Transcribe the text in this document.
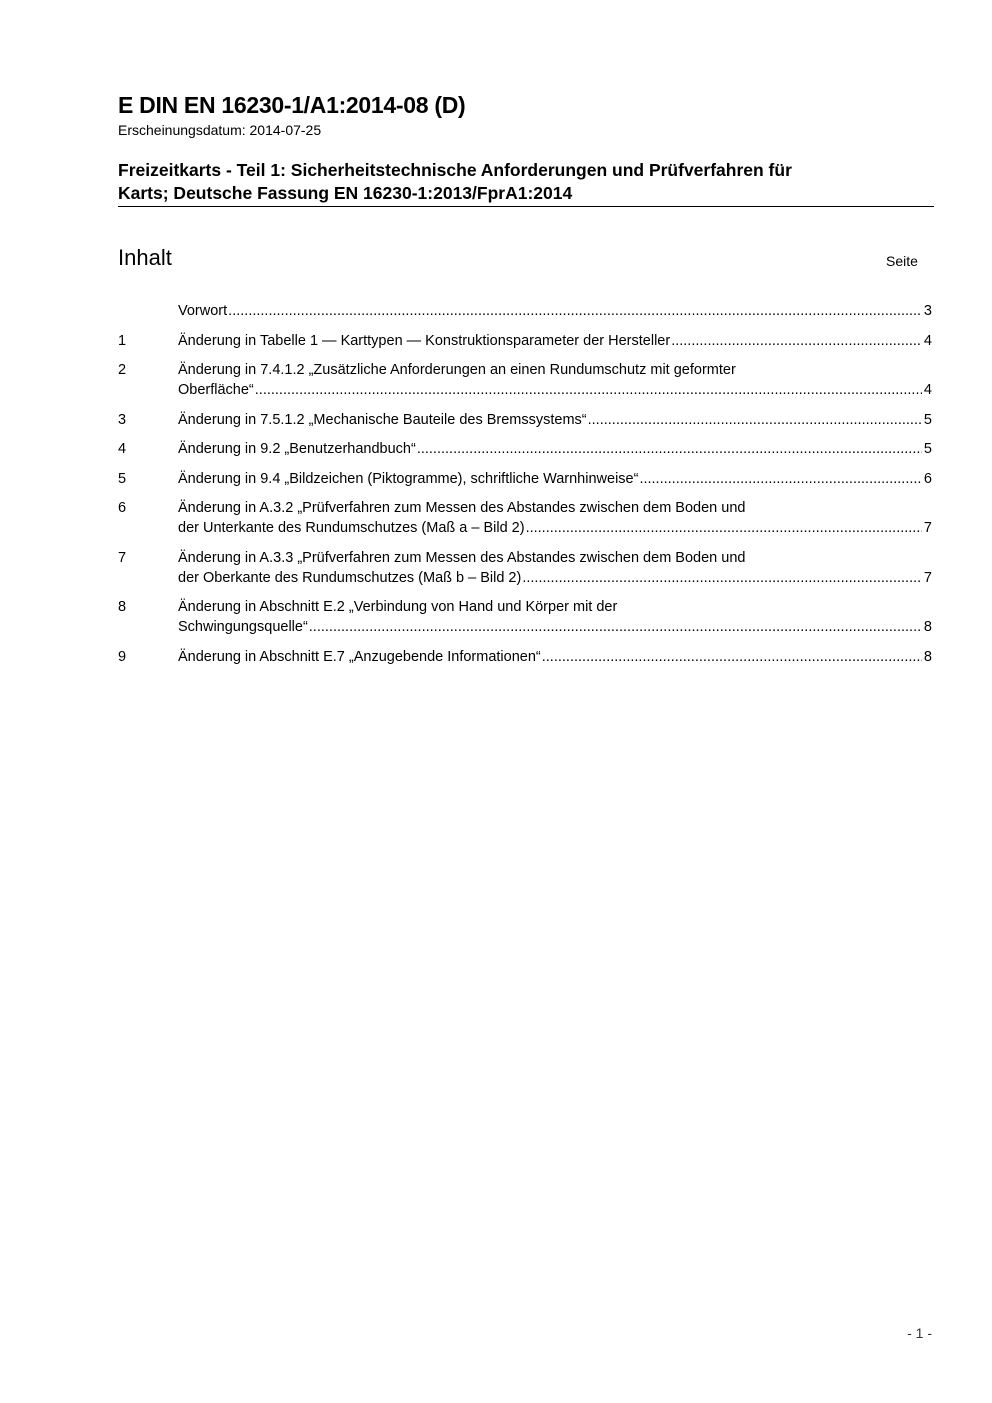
E DIN EN 16230-1/A1:2014-08 (D)
Erscheinungsdatum: 2014-07-25
Freizeitkarts - Teil 1: Sicherheitstechnische Anforderungen und Prüfverfahren für
Karts; Deutsche Fassung EN 16230-1:2013/FprA1:2014
Inhalt	Seite
Vorwort .....	3
1	Änderung in Tabelle 1 — Karttypen — Konstruktionsparameter der Hersteller .....	4
2	Änderung in 7.4.1.2 „Zusätzliche Anforderungen an einen Rundumschutz mit geformter
Oberfläche“ .....	4
3	Änderung in 7.5.1.2 „Mechanische Bauteile des Bremssystems“ .....	5
4	Änderung in 9.2 „Benutzerhandbuch“ .....	5
5	Änderung in 9.4 „Bildzeichen (Piktogramme), schriftliche Warnhinweise“ .....	6
6	Änderung in A.3.2 „Prüfverfahren zum Messen des Abstandes zwischen dem Boden und
der Unterkante des Rundumschutzes (Maß a – Bild 2) .....	7
7	Änderung in A.3.3 „Prüfverfahren zum Messen des Abstandes zwischen dem Boden und
der Oberkante des Rundumschutzes (Maß b – Bild 2) .....	7
8	Änderung in Abschnitt E.2 „Verbindung von Hand und Körper mit der
Schwingungsquelle“ .....	8
9	Änderung in Abschnitt E.7 „Anzugebende Informationen“ .....	8
- 1 -
